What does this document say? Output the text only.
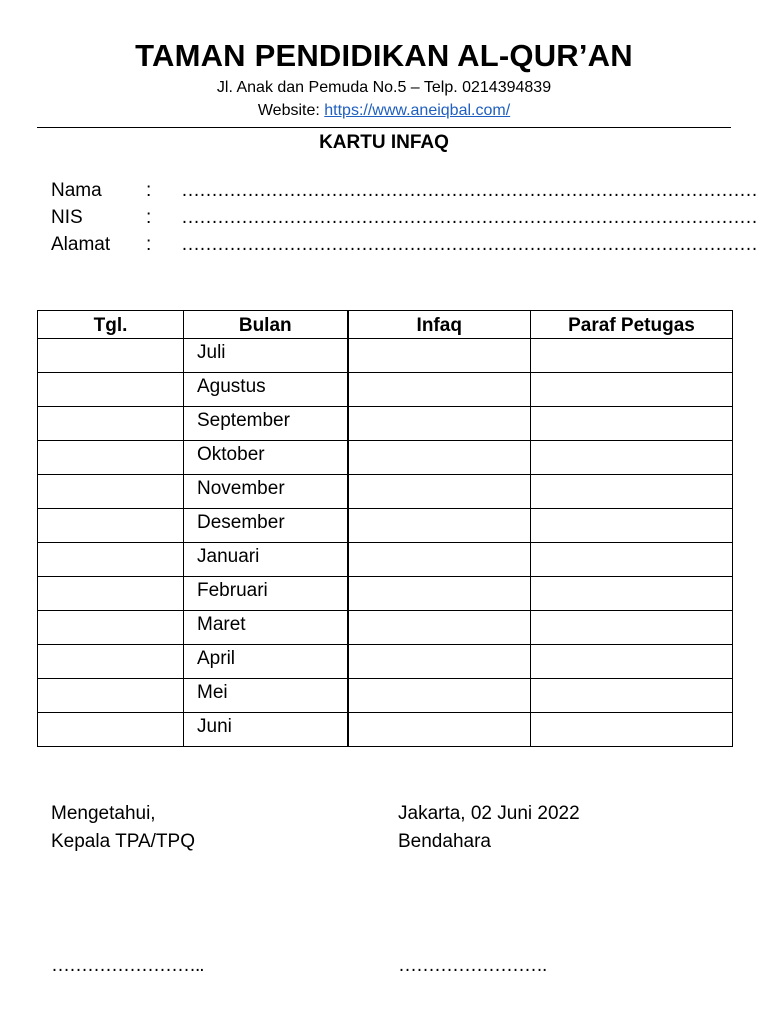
TAMAN PENDIDIKAN AL-QUR’AN
Jl. Anak dan Pemuda No.5 – Telp. 0214394839
Website: https://www.aneiqbal.com/
KARTU INFAQ
Nama : ……………………………………………………………………………………
NIS	: ……………………………………………………………………………………
Alamat : ……………………………………………………………………………………
Tgl.	Bulan	Infaq	Paraf Petugas
	Juli		
	Agustus		
	September		
	Oktober		
	November		
	Desember		
	Januari		
	Februari		
	Maret		
	April		
	Mei		
	Juni		
Mengetahui,
Kepala TPA/TPQ
Jakarta, 02 Juni 2022
Bendahara
……………………..	…………………….
